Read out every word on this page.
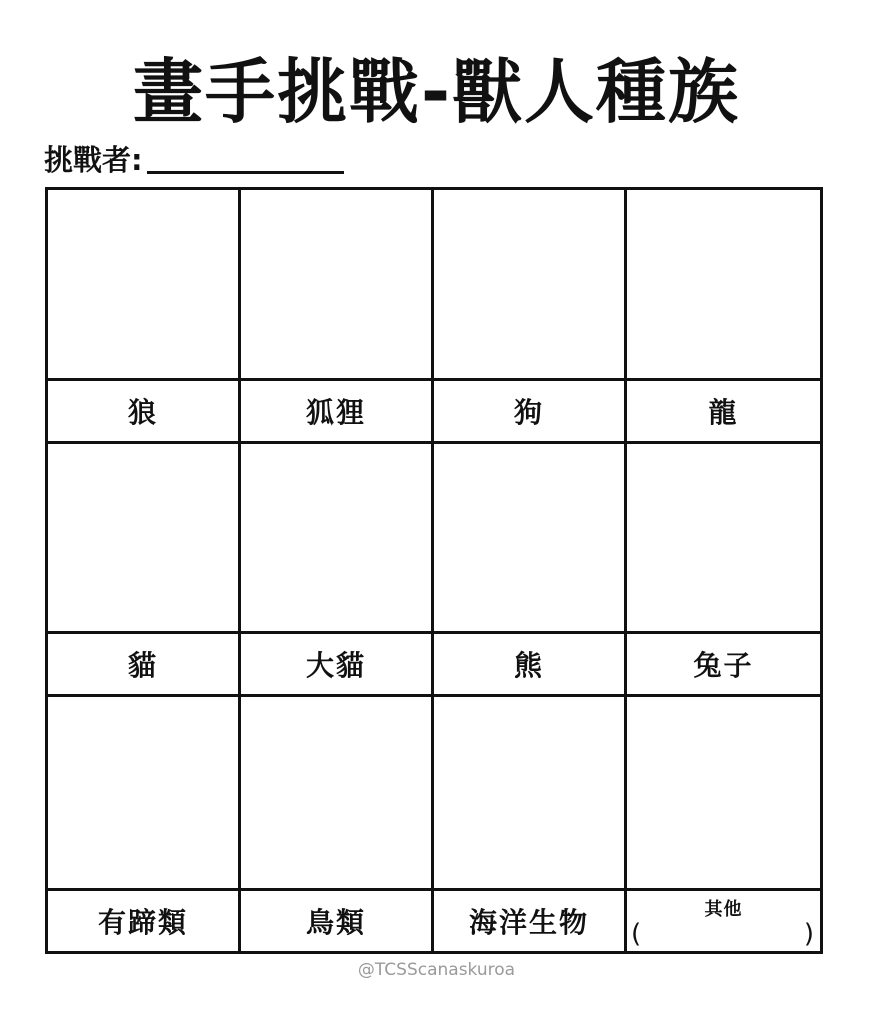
畫手挑戰-獸人種族
挑戰者:
狼	狐狸	狗	龍
貓	大貓	熊	兔子
有蹄類	鳥類	海洋生物	其他
(	)
@TCSScanaskuroa
